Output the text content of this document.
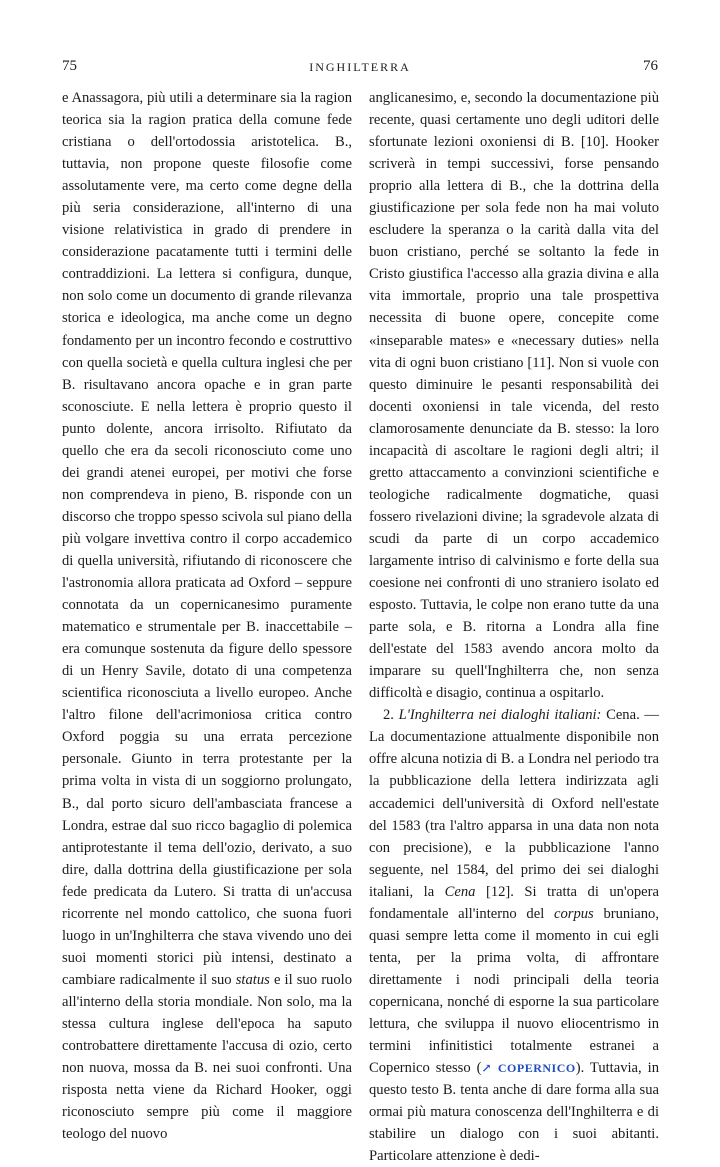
75	INGHILTERRA	76

e Anassagora, più utili a determinare sia la ragion teorica sia la ragion pratica della comune fede cristiana o dell'ortodossia aristotelica. B., tuttavia, non propone queste filosofie come assolutamente vere, ma certo come degne della più seria considerazione, all'interno di una visione relativistica in grado di prendere in considerazione pacatamente tutti i termini delle contraddizioni. La lettera si configura, dunque, non solo come un documento di grande rilevanza storica e ideologica, ma anche come un degno fondamento per un incontro fecondo e costruttivo con quella società e quella cultura inglesi che per B. risultavano ancora opache e in gran parte sconosciute. E nella lettera è proprio questo il punto dolente, ancora irrisolto. Rifiutato da quello che era da secoli riconosciuto come uno dei grandi atenei europei, per motivi che forse non comprendeva in pieno, B. risponde con un discorso che troppo spesso scivola sul piano della più volgare invettiva contro il corpo accademico di quella università, rifiutando di riconoscere che l'astronomia allora praticata ad Oxford – seppure connotata da un copernicanesimo puramente matematico e strumentale per B. inaccettabile – era comunque sostenuta da figure dello spessore di un Henry Savile, dotato di una competenza scientifica riconosciuta a livello europeo. Anche l'altro filone dell'acrimoniosa critica contro Oxford poggia su una errata percezione personale. Giunto in terra protestante per la prima volta in vista di un soggiorno prolungato, B., dal porto sicuro dell'ambasciata francese a Londra, estrae dal suo ricco bagaglio di polemica antiprotestante il tema dell'ozio, derivato, a suo dire, dalla dottrina della giustificazione per sola fede predicata da Lutero. Si tratta di un'accusa ricorrente nel mondo cattolico, che suona fuori luogo in un'Inghilterra che stava vivendo uno dei suoi momenti storici più intensi, destinato a cambiare radicalmente il suo status e il suo ruolo all'interno della storia mondiale. Non solo, ma la stessa cultura inglese dell'epoca ha saputo controbattere direttamente l'accusa di ozio, certo non nuova, mossa da B. nei suoi confronti. Una risposta netta viene da Richard Hooker, oggi riconosciuto sempre più come il maggiore teologo del nuovo

anglicanesimo, e, secondo la documentazione più recente, quasi certamente uno degli uditori delle sfortunate lezioni oxoniensi di B. [10]. Hooker scriverà in tempi successivi, forse pensando proprio alla lettera di B., che la dottrina della giustificazione per sola fede non ha mai voluto escludere la speranza o la carità dalla vita del buon cristiano, perché se soltanto la fede in Cristo giustifica l'accesso alla grazia divina e alla vita immortale, proprio una tale prospettiva necessita di buone opere, concepite come «inseparable mates» e «necessary duties» nella vita di ogni buon cristiano [11]. Non si vuole con questo diminuire le pesanti responsabilità dei docenti oxoniensi in tale vicenda, del resto clamorosamente denunciate da B. stesso: la loro incapacità di ascoltare le ragioni degli altri; il gretto attaccamento a convinzioni scientifiche e teologiche radicalmente dogmatiche, quasi fossero rivelazioni divine; la sgradevole alzata di scudi da parte di un corpo accademico largamente intriso di calvinismo e forte della sua coesione nei confronti di uno straniero isolato ed esposto. Tuttavia, le colpe non erano tutte da una parte sola, e B. ritorna a Londra alla fine dell'estate del 1583 avendo ancora molto da imparare su quell'Inghilterra che, non senza difficoltà e disagio, continua a ospitarlo.

2. L'Inghilterra nei dialoghi italiani: Cena. — La documentazione attualmente disponibile non offre alcuna notizia di B. a Londra nel periodo tra la pubblicazione della lettera indirizzata agli accademici dell'università di Oxford nell'estate del 1583 (tra l'altro apparsa in una data non nota con precisione), e la pubblicazione l'anno seguente, nel 1584, del primo dei sei dialoghi italiani, la Cena [12]. Si tratta di un'opera fondamentale all'interno del corpus bruniano, quasi sempre letta come il momento in cui egli tenta, per la prima volta, di affrontare direttamente i nodi principali della teoria copernicana, nonché di esporne la sua particolare lettura, che sviluppa il nuovo eliocentrismo in termini infinitistici totalmente estranei a Copernico stesso (↗ COPERNICO). Tuttavia, in questo testo B. tenta anche di dare forma alla sua ormai più matura conoscenza dell'Inghilterra e di stabilire un dialogo con i suoi abitanti. Particolare attenzione è dedi-
